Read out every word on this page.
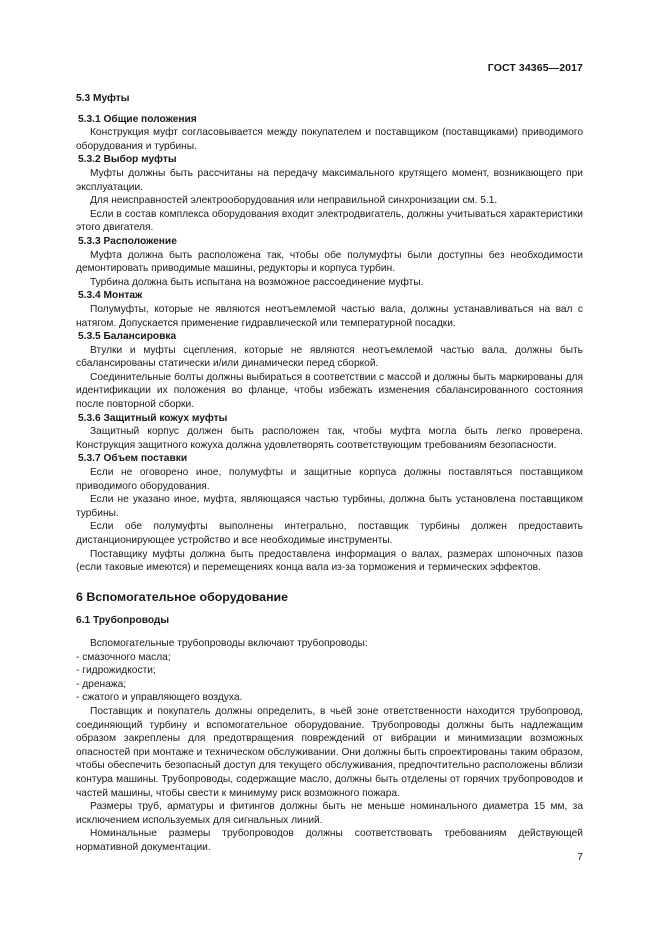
ГОСТ 34365—2017
5.3 Муфты
5.3.1 Общие положения
Конструкция муфт согласовывается между покупателем и поставщиком (поставщиками) приводимого оборудования и турбины.
5.3.2 Выбор муфты
Муфты должны быть рассчитаны на передачу максимального крутящего момент, возникающего при эксплуатации.
Для неисправностей электрооборудования или неправильной синхронизации см. 5.1.
Если в состав комплекса оборудования входит электродвигатель, должны учитываться характеристики этого двигателя.
5.3.3 Расположение
Муфта должна быть расположена так, чтобы обе полумуфты были доступны без необходимости демонтировать приводимые машины, редукторы и корпуса турбин.
Турбина должна быть испытана на возможное рассоединение муфты.
5.3.4 Монтаж
Полумуфты, которые не являются неотъемлемой частью вала, должны устанавливаться на вал с натягом. Допускается применение гидравлической или температурной посадки.
5.3.5 Балансировка
Втулки и муфты сцепления, которые не являются неотъемлемой частью вала, должны быть сбалансированы статически и/или динамически перед сборкой.
Соединительные болты должны выбираться в соответствии с массой и должны быть маркированы для идентификации их положения во фланце, чтобы избежать изменения сбалансированного состояния после повторной сборки.
5.3.6 Защитный кожух муфты
Защитный корпус должен быть расположен так, чтобы муфта могла быть легко проверена. Конструкция защитного кожуха должна удовлетворять соответствующим требованиям безопасности.
5.3.7 Объем поставки
Если не оговорено иное, полумуфты и защитные корпуса должны поставляться поставщиком приводимого оборудования.
Если не указано иное, муфта, являющаяся частью турбины, должна быть установлена поставщиком турбины.
Если обе полумуфты выполнены интегрально, поставщик турбины должен предоставить дистанционирующее устройство и все необходимые инструменты.
Поставщику муфты должна быть предоставлена информация о валах, размерах шпоночных пазов (если таковые имеются) и перемещениях конца вала из-за торможения и термических эффектов.
6 Вспомогательное оборудование
6.1 Трубопроводы
Вспомогательные трубопроводы включают трубопроводы:
- смазочного масла;
- гидрожидкости;
- дренажа;
- сжатого и управляющего воздуха.
Поставщик и покупатель должны определить, в чьей зоне ответственности находится трубопровод, соединяющий турбину и вспомогательное оборудование. Трубопроводы должны быть надлежащим образом закреплены для предотвращения повреждений от вибрации и минимизации возможных опасностей при монтаже и техническом обслуживании. Они должны быть спроектированы таким образом, чтобы обеспечить безопасный доступ для текущего обслуживания, предпочтительно расположены вблизи контура машины. Трубопроводы, содержащие масло, должны быть отделены от горячих трубопроводов и частей машины, чтобы свести к минимуму риск возможного пожара.
Размеры труб, арматуры и фитингов должны быть не меньше номинального диаметра 15 мм, за исключением используемых для сигнальных линий.
Номинальные размеры трубопроводов должны соответствовать требованиям действующей нормативной документации.
7
